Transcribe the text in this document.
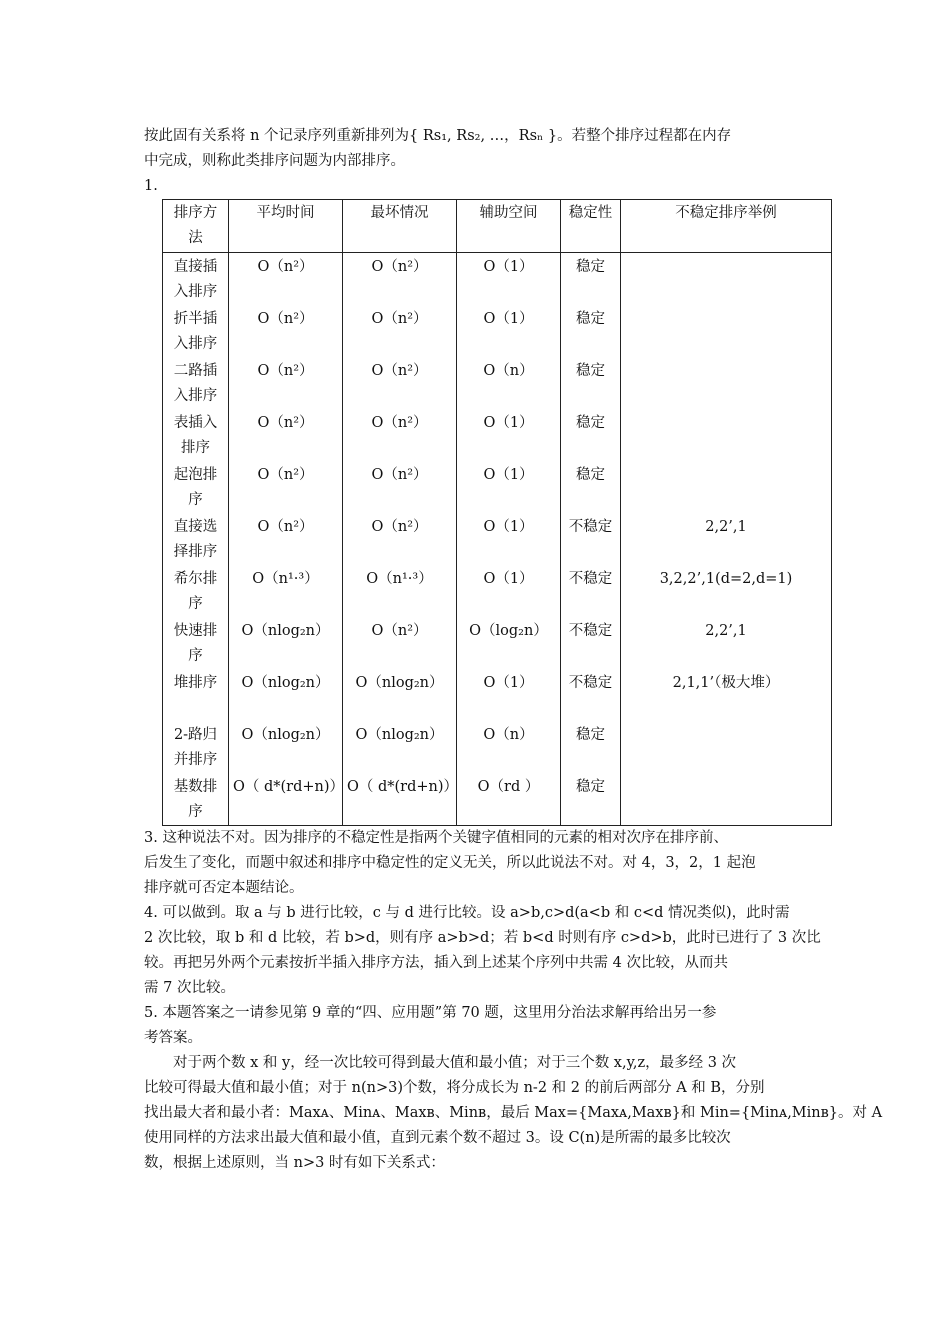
按此固有关系将 n 个记录序列重新排列为{ Rs₁, Rs₂, …，Rsₙ }。若整个排序过程都在内存
中完成，则称此类排序问题为内部排序。
1.
排序方法	平均时间	最坏情况	辅助空间	稳定性	不稳定排序举例
直接插入排序	O（n²）	O（n²）	O（1）	稳定	
折半插入排序	O（n²）	O（n²）	O（1）	稳定	
二路插入排序	O（n²）	O（n²）	O（n）	稳定	
表插入排序	O（n²）	O（n²）	O（1）	稳定	
起泡排序	O（n²）	O（n²）	O（1）	稳定	
直接选择排序	O（n²）	O（n²）	O（1）	不稳定	2,2’,1
希尔排序	O（n¹·³）	O（n¹·³）	O（1）	不稳定	3,2,2’,1(d=2,d=1)
快速排序	O（nlog₂n）	O（n²）	O（log₂n）	不稳定	2,2’,1
堆排序	O（nlog₂n）	O（nlog₂n）	O（1）	不稳定	2,1,1’（极大堆）
2-路归并排序	O（nlog₂n）	O（nlog₂n）	O（n）	稳定	
基数排序	O（ d*(rd+n)）	O（ d*(rd+n)）	O（rd ）	稳定	
3. 这种说法不对。因为排序的不稳定性是指两个关键字值相同的元素的相对次序在排序前、
后发生了变化，而题中叙述和排序中稳定性的定义无关，所以此说法不对。对 4，3，2，1 起泡
排序就可否定本题结论。
4. 可以做到。取 a 与 b 进行比较，c 与 d 进行比较。设 a>b,c>d(a<b 和 c<d 情况类似)，此时需
2 次比较，取 b 和 d 比较，若 b>d，则有序 a>b>d；若 b<d 时则有序 c>d>b，此时已进行了 3 次比
较。再把另外两个元素按折半插入排序方法，插入到上述某个序列中共需 4 次比较，从而共
需 7 次比较。
5. 本题答案之一请参见第 9 章的“四、应用题”第 70 题，这里用分治法求解再给出另一参
考答案。
对于两个数 x 和 y，经一次比较可得到最大值和最小值；对于三个数 x,y,z，最多经 3 次
比较可得最大值和最小值；对于 n(n>3)个数，将分成长为 n-2 和 2 的前后两部分 A 和 B，分别
找出最大者和最小者：Maxᴀ、Minᴀ、Maxʙ、Minʙ，最后 Max={Maxᴀ,Maxʙ}和 Min={Minᴀ,Minʙ}。对 A
使用同样的方法求出最大值和最小值，直到元素个数不超过 3。设 C(n)是所需的最多比较次
数，根据上述原则，当 n>3 时有如下关系式：
